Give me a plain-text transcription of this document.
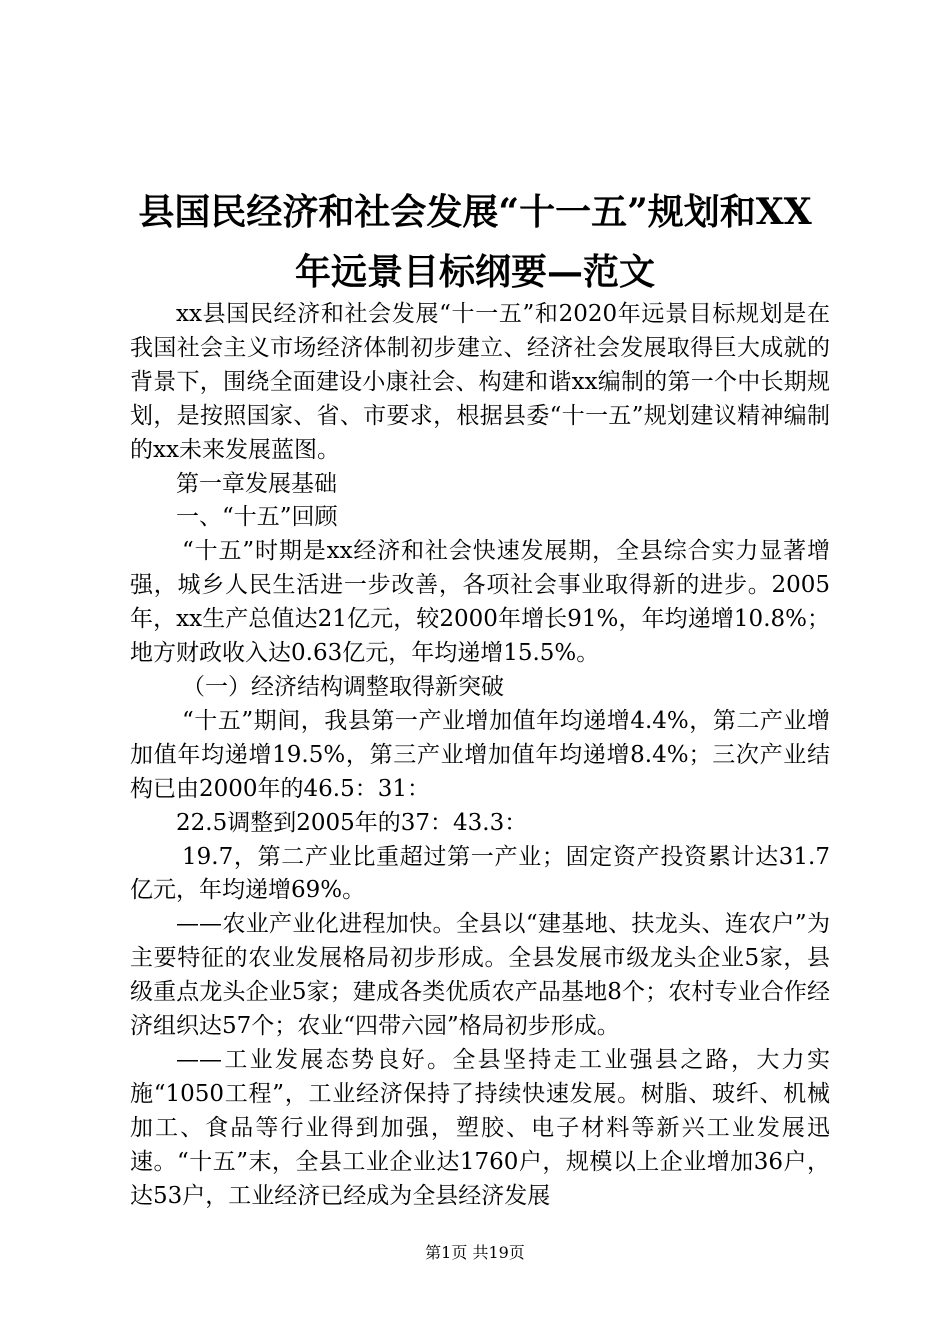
县国民经济和社会发展“十一五”规划和XX
年远景目标纲要—范文

xx县国民经济和社会发展“十一五”和2020年远景目标规划是在我国社会主义市场经济体制初步建立、经济社会发展取得巨大成就的背景下，围绕全面建设小康社会、构建和谐xx编制的第一个中长期规划，是按照国家、省、市要求，根据县委“十一五”规划建议精神编制的xx未来发展蓝图。

第一章发展基础

一、“十五”回顾

“十五”时期是xx经济和社会快速发展期，全县综合实力显著增强，城乡人民生活进一步改善，各项社会事业取得新的进步。2005年，xx生产总值达21亿元，较2000年增长91%，年均递增10.8%；地方财政收入达0.63亿元，年均递增15.5%。

（一）经济结构调整取得新突破

“十五”期间，我县第一产业增加值年均递增4.4%，第二产业增加值年均递增19.5%，第三产业增加值年均递增8.4%；三次产业结构已由2000年的46.5：31：

22.5调整到2005年的37：43.3：

19.7，第二产业比重超过第一产业；固定资产投资累计达31.7亿元，年均递增69%。

——农业产业化进程加快。全县以“建基地、扶龙头、连农户”为主要特征的农业发展格局初步形成。全县发展市级龙头企业5家，县级重点龙头企业5家；建成各类优质农产品基地8个；农村专业合作经济组织达57个；农业“四带六园”格局初步形成。

——工业发展态势良好。全县坚持走工业强县之路，大力实施“1050工程”，工业经济保持了持续快速发展。树脂、玻纤、机械加工、食品等行业得到加强，塑胶、电子材料等新兴工业发展迅速。“十五”末，全县工业企业达1760户，规模以上企业增加36户，达53户，工业经济已经成为全县经济发展

第1页 共19页
